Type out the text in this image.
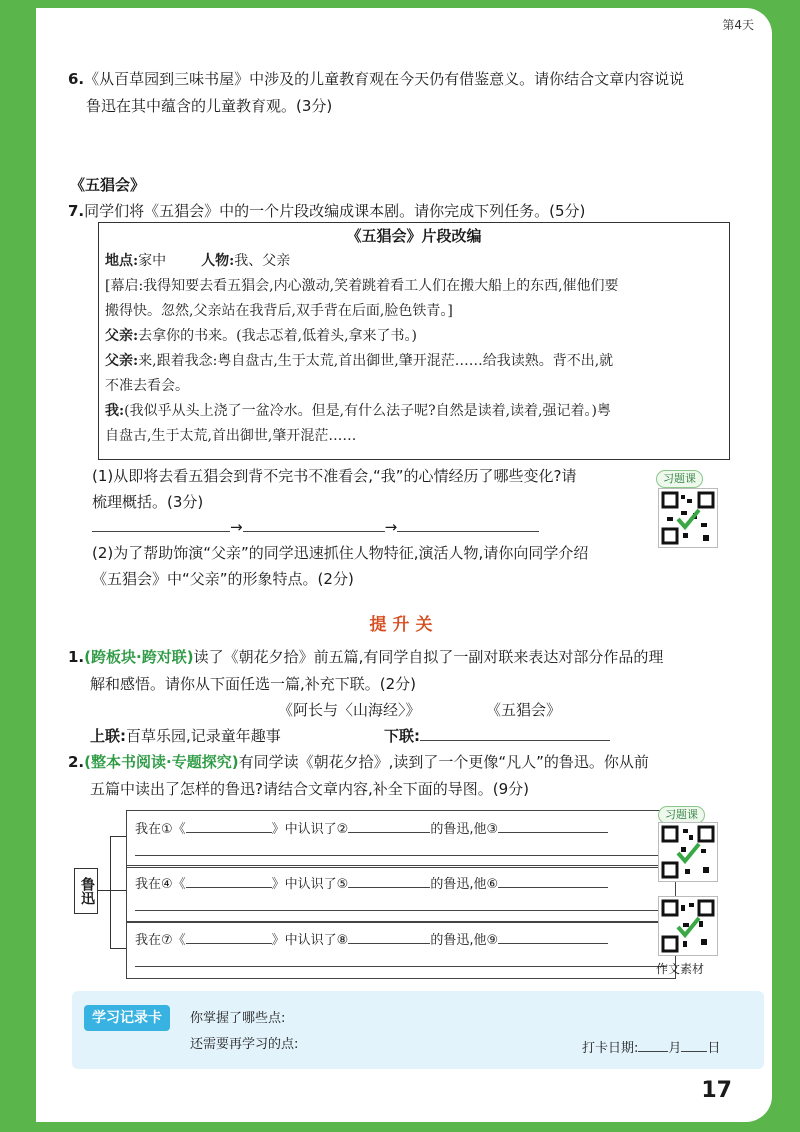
第4天
6.《从百草园到三味书屋》中涉及的儿童教育观在今天仍有借鉴意义。请你结合文章内容说说
鲁迅在其中蕴含的儿童教育观。(3分)
《五猖会》
7.同学们将《五猖会》中的一个片段改编成课本剧。请你完成下列任务。(5分)
《五猖会》片段改编
地点:家中 人物:我、父亲
[幕启:我得知要去看五猖会,内心激动,笑着跳着看工人们在搬大船上的东西,催他们要
搬得快。忽然,父亲站在我背后,双手背在后面,脸色铁青。]
父亲:去拿你的书来。(我忐忑着,低着头,拿来了书。)
父亲:来,跟着我念:粤自盘古,生于太荒,首出御世,肇开混茫……给我读熟。背不出,就
不准去看会。
我:(我似乎从头上浇了一盆冷水。但是,有什么法子呢?自然是读着,读着,强记着。)粤
自盘古,生于太荒,首出御世,肇开混茫……
(1)从即将去看五猖会到背不完书不准看会,“我”的心情经历了哪些变化?请
梳理概括。(3分)
→	→
(2)为了帮助饰演“父亲”的同学迅速抓住人物特征,演活人物,请你向同学介绍
《五猖会》中“父亲”的形象特点。(2分)
习题课
提升关
1.(跨板块·跨对联)读了《朝花夕拾》前五篇,有同学自拟了一副对联来表达对部分作品的理
解和感悟。请你从下面任选一篇,补充下联。(2分)
《阿长与〈山海经〉》	《五猖会》
上联:百草乐园,记录童年趣事	下联:
2.(整本书阅读·专题探究)有同学读《朝花夕拾》,读到了一个更像“凡人”的鲁迅。你从前
五篇中读出了怎样的鲁迅?请结合文章内容,补全下面的导图。(9分)
鲁迅
我在①《	》中认识了②	的鲁迅,他③
我在④《	》中认识了⑤	的鲁迅,他⑥
我在⑦《	》中认识了⑧	的鲁迅,他⑨
习题课
作文素材
学习记录卡	你掌握了哪些点:
还需要再学习的点:	打卡日期: 月 日
17
